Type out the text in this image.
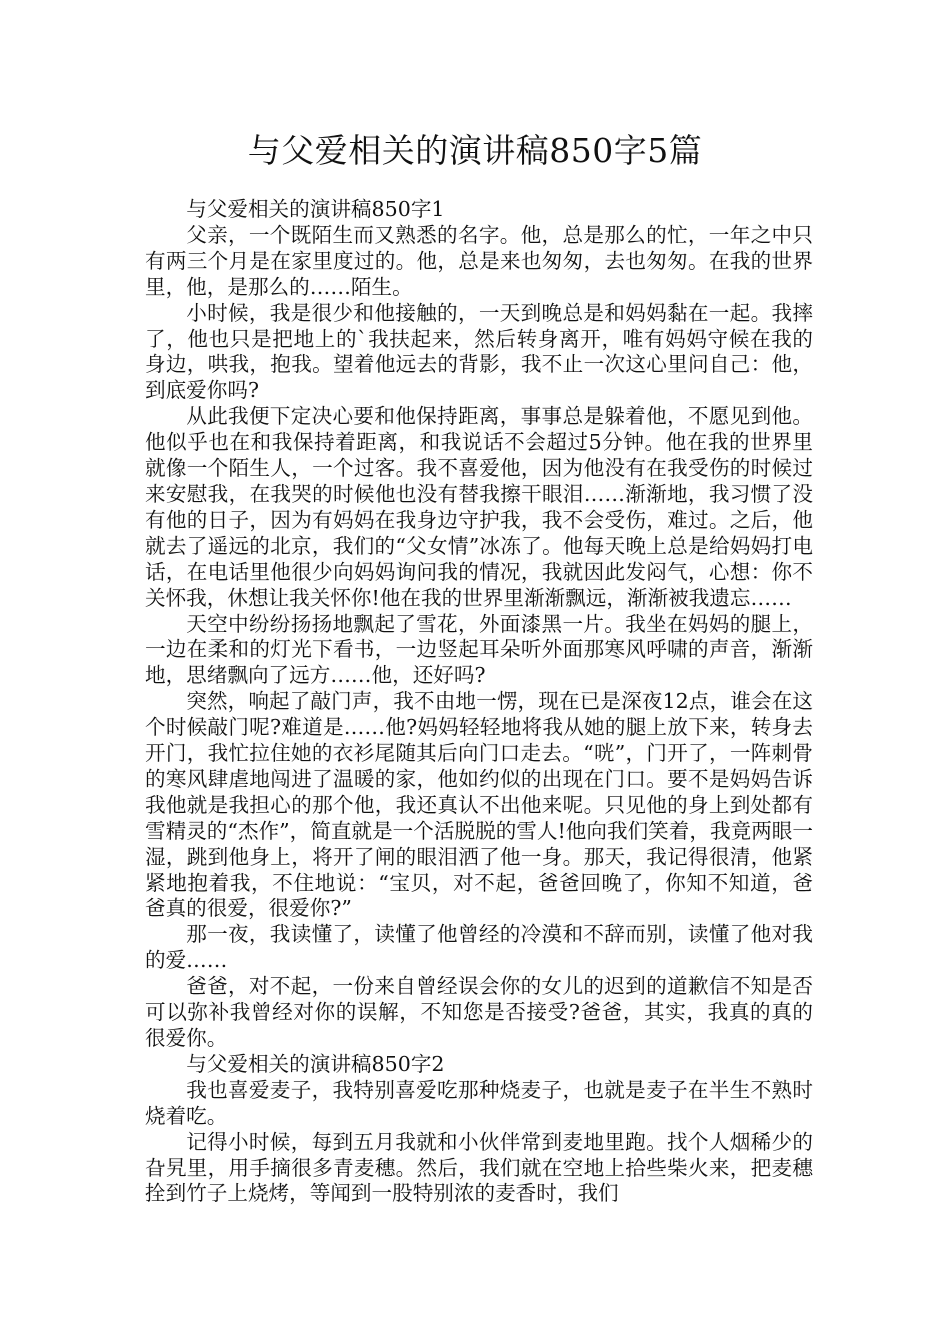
与父爱相关的演讲稿850字5篇

与父爱相关的演讲稿850字1

父亲，一个既陌生而又熟悉的名字。他，总是那么的忙，一年之中只有两三个月是在家里度过的。他，总是来也匆匆，去也匆匆。在我的世界里，他，是那么的……陌生。

小时候，我是很少和他接触的，一天到晚总是和妈妈黏在一起。我摔了，他也只是把地上的`我扶起来，然后转身离开，唯有妈妈守候在我的身边，哄我，抱我。望着他远去的背影，我不止一次这心里问自己：他，到底爱你吗?

从此我便下定决心要和他保持距离，事事总是躲着他，不愿见到他。他似乎也在和我保持着距离，和我说话不会超过5分钟。他在我的世界里就像一个陌生人，一个过客。我不喜爱他，因为他没有在我受伤的时候过来安慰我，在我哭的时候他也没有替我擦干眼泪……渐渐地，我习惯了没有他的日子，因为有妈妈在我身边守护我，我不会受伤，难过。之后，他就去了遥远的北京，我们的“父女情”冰冻了。他每天晚上总是给妈妈打电话，在电话里他很少向妈妈询问我的情况，我就因此发闷气，心想：你不关怀我，休想让我关怀你!他在我的世界里渐渐飘远，渐渐被我遗忘……

天空中纷纷扬扬地飘起了雪花，外面漆黑一片。我坐在妈妈的腿上，一边在柔和的灯光下看书，一边竖起耳朵听外面那寒风呼啸的声音，渐渐地，思绪飘向了远方……他，还好吗?

突然，响起了敲门声，我不由地一愣，现在已是深夜12点，谁会在这个时候敲门呢?难道是……他?妈妈轻轻地将我从她的腿上放下来，转身去开门，我忙拉住她的衣衫尾随其后向门口走去。“咣”，门开了，一阵刺骨的寒风肆虐地闯进了温暖的家，他如约似的出现在门口。要不是妈妈告诉我他就是我担心的那个他，我还真认不出他来呢。只见他的身上到处都有雪精灵的“杰作”，简直就是一个活脱脱的雪人!他向我们笑着，我竟两眼一湿，跳到他身上，将开了闸的眼泪洒了他一身。那天，我记得很清，他紧紧地抱着我，不住地说：“宝贝，对不起，爸爸回晚了，你知不知道，爸爸真的很爱，很爱你?”

那一夜，我读懂了，读懂了他曾经的冷漠和不辞而别，读懂了他对我的爱……

爸爸，对不起，一份来自曾经误会你的女儿的迟到的道歉信不知是否可以弥补我曾经对你的误解，不知您是否接受?爸爸，其实，我真的真的很爱你。

与父爱相关的演讲稿850字2

我也喜爱麦子，我特别喜爱吃那种烧麦子，也就是麦子在半生不熟时烧着吃。

记得小时候，每到五月我就和小伙伴常到麦地里跑。找个人烟稀少的旮旯里，用手摘很多青麦穗。然后，我们就在空地上拾些柴火来，把麦穗拴到竹子上烧烤，等闻到一股特别浓的麦香时，我们
